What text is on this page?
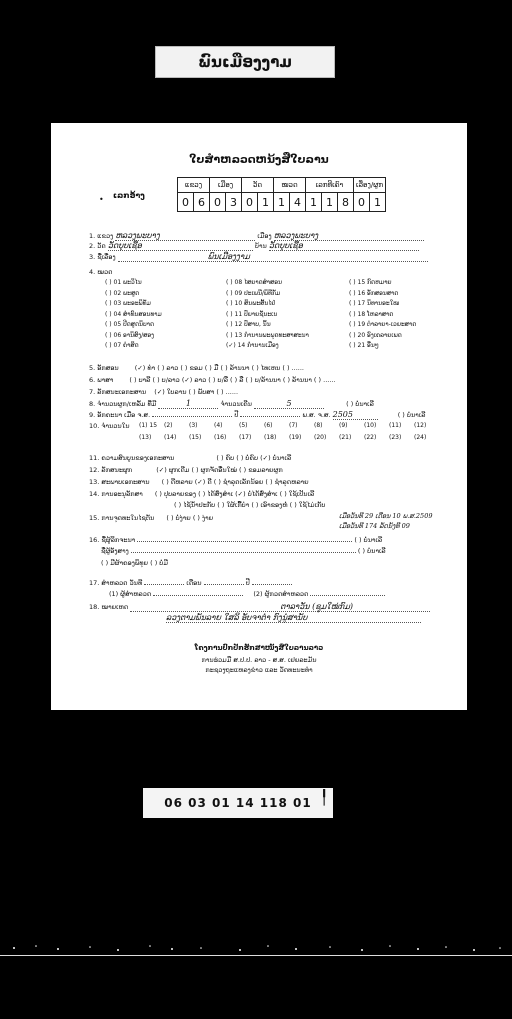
ພົນເມືອງງາມ
ໃບສຳຫລວດຫນ້ງສືໃບລານ
• ເລກອ້າງ
ແຂວງ		ເມືອງ		ວັດ		ໝວດ		ເລກທີເຄົາ			ເລື່ອງ/ຜູກ	
0	6	0	3	0	1	1	4	1	1	8	0	1
1. ແຂວງ ຫລວງພະບາງ	ເມືອງ ຫລວງພະບາງ
2. ວັດ ວັດບຸບເຊືອ	ບ້ານ ວັດບຸບເຊືອ
3. ຊື່ເລື່ອງ	ພົນເມືອງງາມ
4. ໝວດ
( ) 01 ພະວິໄນ
( ) 02 ພະສູດ
( ) 03 ພະອະພິທັມ
( ) 04 ສຳທົນສອນທາມ
( ) 05 ປີດສູດນິບາດ
( ) 06 ອານິສົງ/ສອງ
( ) 07 ຄຳສິດ
( ) 08 ໄສຍາດສຳສອນ
( ) 09 ປະເພນີ/ພິທີກັມ
( ) 10 ສິນພະສັ້ນໄຢ່
( ) 11 ປົຍາຍຊັນະເນ
( ) 12 ປົສາບ, ນິ້ນ
( ) 13 ກ່ຳນານພະພຸດທະສາສະນາ
(✓) 14 ກ່ຳນານເມືອງ
( ) 15 ກົດຫມາຍ
( ) 16 ອັກສອນສາດ
( ) 17 ນິທານອະໃໝ
( ) 18 ໂຫລາສາດ
( ) 19 ຕຳລາຍາ-ເວຍະສາດ
( ) 20 ອົງເຄລາຍເພດ
( ) 21 ອື່ນໆ
5. ອັກສອນ (✓) ທຳ ( ) ລາວ ( ) ຂອມ ( ) ມື ( ) ລ້ານນາ ( ) ໄທເຫນ ( ) ......
6. ພາສາ ( ) ບາລີ ( ) ບ/ລາວ (✓) ລາວ ( ) ບ/ລື ( ) ລື ( ) ບ/ລ້ານນາ ( ) ລ້ານນາ ( ) ......
7. ລັກສນະເອກະສານ (✓) ໃບລານ ( ) ພັບສາ ( ) ......
8. ຈຳນວນຜູກ/ເຫລັ້ມ ທີ່ມີ	1	ຈຳນວນເຄີນ	5	( ) ບໍ່ນາເລີ
9. ອັກຄະນາ ເມື່ອ ຈ.ສ.	ປີ	ພ.ສ. ຈ.ສ. 2505	( ) ບໍ່ນາເລີ
10. ຈຳນວນໃນ (1) 15 (2)	(3)	(4)	(5)	(6)	(7)	(8)	(9)	(10) (11) (12)
(13) (14) (15) (16) (17) (18) (19) (20) (21) (22) (23) (24)
11. ຄວາມສົນບູນຂອງເອກະສານ	( ) ຄົບ ( ) ບໍ່ຄົບ (✓) ບໍ່ນາເລີ
12. ລັກສນະຜູກ	(✓) ຜູກເດີມ ( ) ຜູກຈັດອື່ນໃໝ່ ( ) ຂອມລາຍຜູກ
13. ສະພາບເອກະສານ ( ) ດີຫລາຍ (✓) ດີ ( ) ຊຳລຸດເລັກນ້ອຍ ( ) ຊຳລຸດຫລາຍ
14. ການອະນຸລັກສາ ( ) ປຸບລາຍຂອງ ( ) ໄດ້ສົ່ງສໍາເ (✓) ບໍ່ໄດ້ສົ່ງສໍາເ ( ) ໃຊ້ເປັນເລີ
( ) ໄຊ້ນໍ້າປະກັບ ( ) ໃຜ້ເກື້ບໍາ ( ) ເອົາຂອງຫ່ໍ ( ) ໃຊ້ໄມ່ເກັບ
15. ການຈຸດທະໃນໄຊຕັນ ( ) ບໍ່ງ່າຍ ( ) ງ່າຍ	ເມື່ອວັນທີ 29 ເດືອນ 10 ພ.ສ.2509
ເມື່ອວັນທີ 174 ລັດນັງທີ 09
16. ຊື່ຜູ້ລິກຈະນາ	( ) ບໍ່ນາເລີ
ຊື່ຜູ້ອັງສາງ	( ) ບໍ່ນາເລີ
( ) ມີຜ້າຄອງພິທຸຍ ( ) ບໍ່ມີ
17. ສຳຫລວດ ວັນທີ	ເດືອນ	ປີ
(1) ຜູ້ສຳຫລວດ	(2) ຜູ້ກວດສຳຫລວດ
18. ໝາຍເຫດ	ຕາລາວັນ (ຊຸມໃໝ່ກົມ)
ລວງຕາມພັນລາຍ ໃສລິ ອັບຈາຕຳ ກົງນູໍສານັບ
ໂຄງການປົກປັກຮັກສາໜັງສືໃບລານລາວ
ການຮ່ວມມື ສ.ປ.ປ. ລາວ - ສ.ສ. ເຢຍລະມັນ
ກະຊວງຖະແຫລງຂ່າວ ແລະ ວັດທະນະທຳ
06 03 01 14 118 01 ╿
